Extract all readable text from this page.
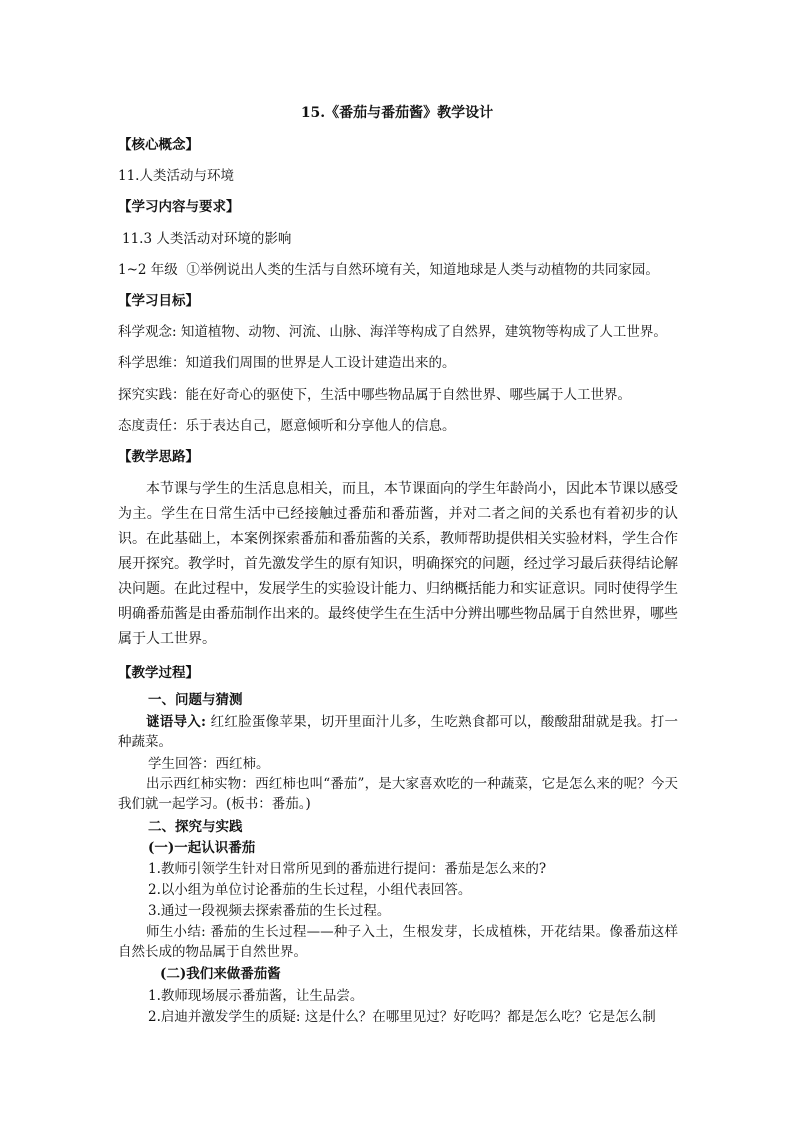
15.《番茄与番茄酱》教学设计
【核心概念】
11.人类活动与环境
【学习内容与要求】
11.3 人类活动对环境的影响
1~2 年级 ①举例说出人类的生活与自然环境有关，知道地球是人类与动植物的共同家园。
【学习目标】
科学观念: 知道植物、动物、河流、山脉、海洋等构成了自然界，建筑物等构成了人工世界。
科学思维：知道我们周围的世界是人工设计建造出来的。
探究实践：能在好奇心的驱使下，生活中哪些物品属于自然世界、哪些属于人工世界。
态度责任：乐于表达自己，愿意倾听和分享他人的信息。
【教学思路】
本节课与学生的生活息息相关，而且，本节课面向的学生年龄尚小，因此本节课以感受为主。学生在日常生活中已经接触过番茄和番茄酱，并对二者之间的关系也有着初步的认识。在此基础上，本案例探索番茄和番茄酱的关系，教师帮助提供相关实验材料，学生合作展开探究。教学时，首先激发学生的原有知识，明确探究的问题，经过学习最后获得结论解决问题。在此过程中，发展学生的实验设计能力、归纳概括能力和实证意识。同时使得学生明确番茄酱是由番茄制作出来的。最终使学生在生活中分辨出哪些物品属于自然世界，哪些属于人工世界。
【教学过程】
一、问题与猜测
谜语导入: 红红脸蛋像苹果，切开里面汁儿多，生吃熟食都可以，酸酸甜甜就是我。打一种蔬菜。
学生回答：西红柿。
出示西红柿实物：西红柿也叫“番茄”，是大家喜欢吃的一种蔬菜，它是怎么来的呢？今天我们就一起学习。(板书：番茄。)
二、探究与实践
(一)一起认识番茄
1.教师引领学生针对日常所见到的番茄进行提问：番茄是怎么来的?
2.以小组为单位讨论番茄的生长过程，小组代表回答。
3.通过一段视频去探索番茄的生长过程。
师生小结: 番茄的生长过程——种子入土，生根发芽，长成植株，开花结果。像番茄这样自然长成的物品属于自然世界。
(二)我们来做番茄酱
1.教师现场展示番茄酱，让生品尝。
2.启迪并激发学生的质疑: 这是什么？在哪里见过？好吃吗？都是怎么吃？它是怎么制
